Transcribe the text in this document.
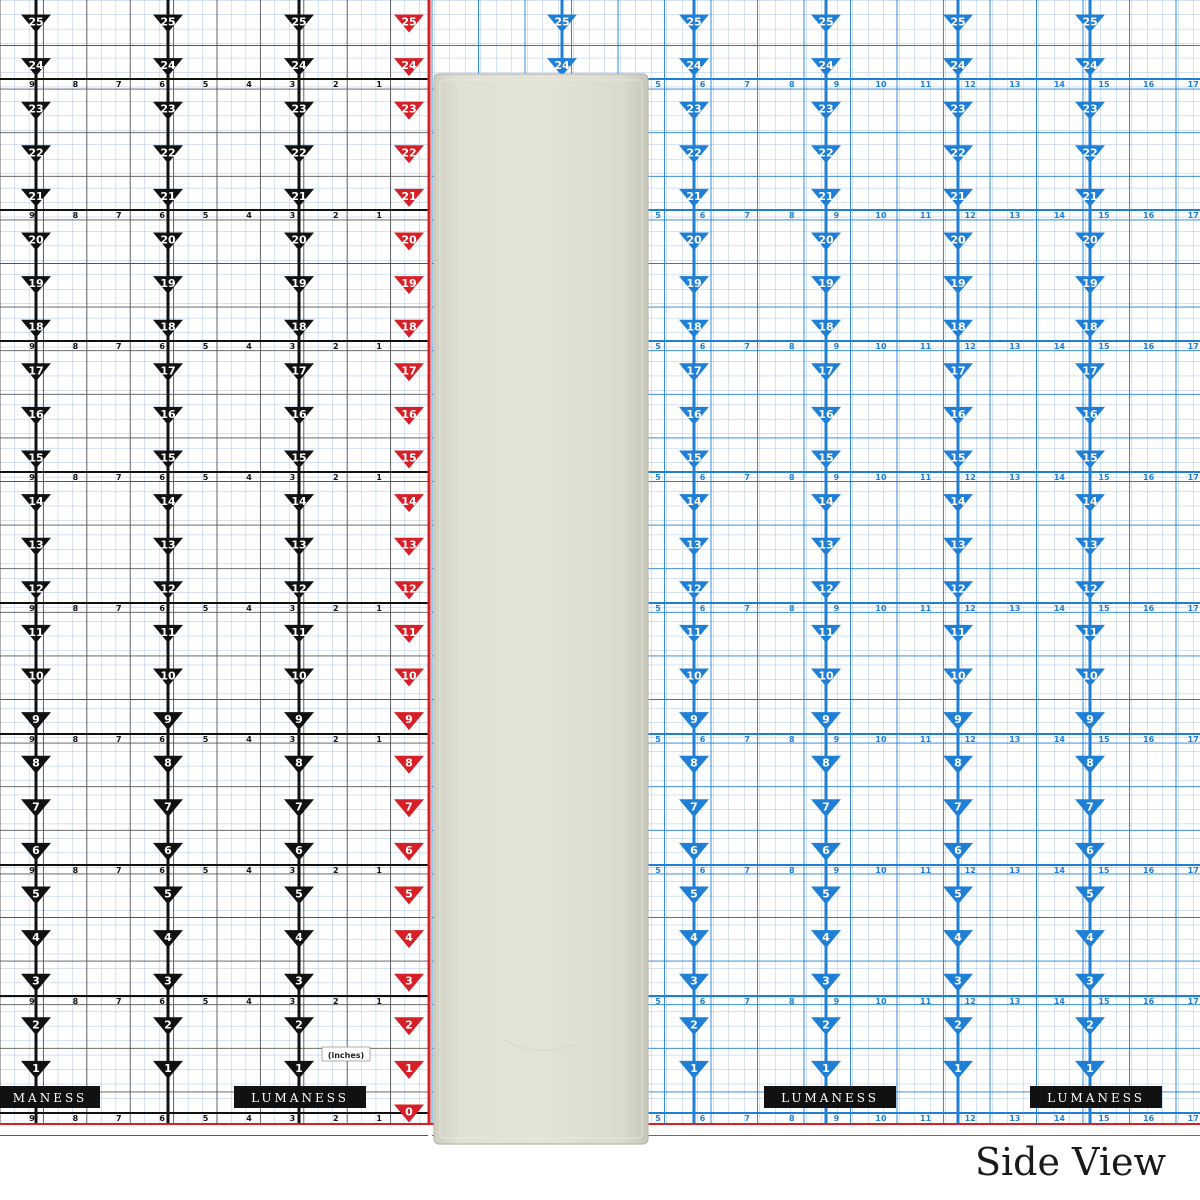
25
24
23
22
21
20
19
18
17
16
15
14
13
12
11
10
9
8
7
6
5
4
3
2
1
25
24
23
22
21
20
19
18
17
16
15
14
13
12
11
10
9
8
7
6
5
4
3
2
1
25
24
23
22
21
20
19
18
17
16
15
14
13
12
11
10
9
8
7
6
5
4
3
2
1
9	8	7	6	5	4	3	2	1
9	8	7	6	5	4	3	2	1
9	8	7	6	5	4	3	2	1
9	8	7	6	5	4	3	2	1
9	8	7	6	5	4	3	2	1
9	8	7	6	5	4	3	2	1
9	8	7	6	5	4	3	2	1
9	8	7	6	5	4	3	2	1
9	8	7	6	5	4	3	2	1
25
24
23
22
21
20
19
18
17
16
15
14
13
12
11
10
9
8
7
6
5
4
3
2
1
0
25
24
25
24
23
22
21
20
19
18
17
16
15
14
13
12
11
10
9
8
7
6
5
4
3
2
1
25
24
23
22
21
20
19
18
17
16
15
14
13
12
11
10
9
8
7
6
5
4
3
2
1
25
24
23
22
21
20
19
18
17
16
15
14
13
12
11
10
9
8
7
6
5
4
3
2
1
25
24
23
22
21
20
19
18
17
16
15
14
13
12
11
10
9
8
7
6
5
4
3
2
1
5	6	7	8	9	10	11	12	13	14	15	16	17
5	6	7	8	9	10	11	12	13	14	15	16	17
5	6	7	8	9	10	11	12	13	14	15	16	17
5	6	7	8	9	10	11	12	13	14	15	16	17
5	6	7	8	9	10	11	12	13	14	15	16	17
5	6	7	8	9	10	11	12	13	14	15	16	17
5	6	7	8	9	10	11	12	13	14	15	16	17
5	6	7	8	9	10	11	12	13	14	15	16	17
5	6	7	8	9	10	11	12	13	14	15	16	17
MANESS	LUMANESS	LUMANESS	LUMANESS
(inches)
Side View
